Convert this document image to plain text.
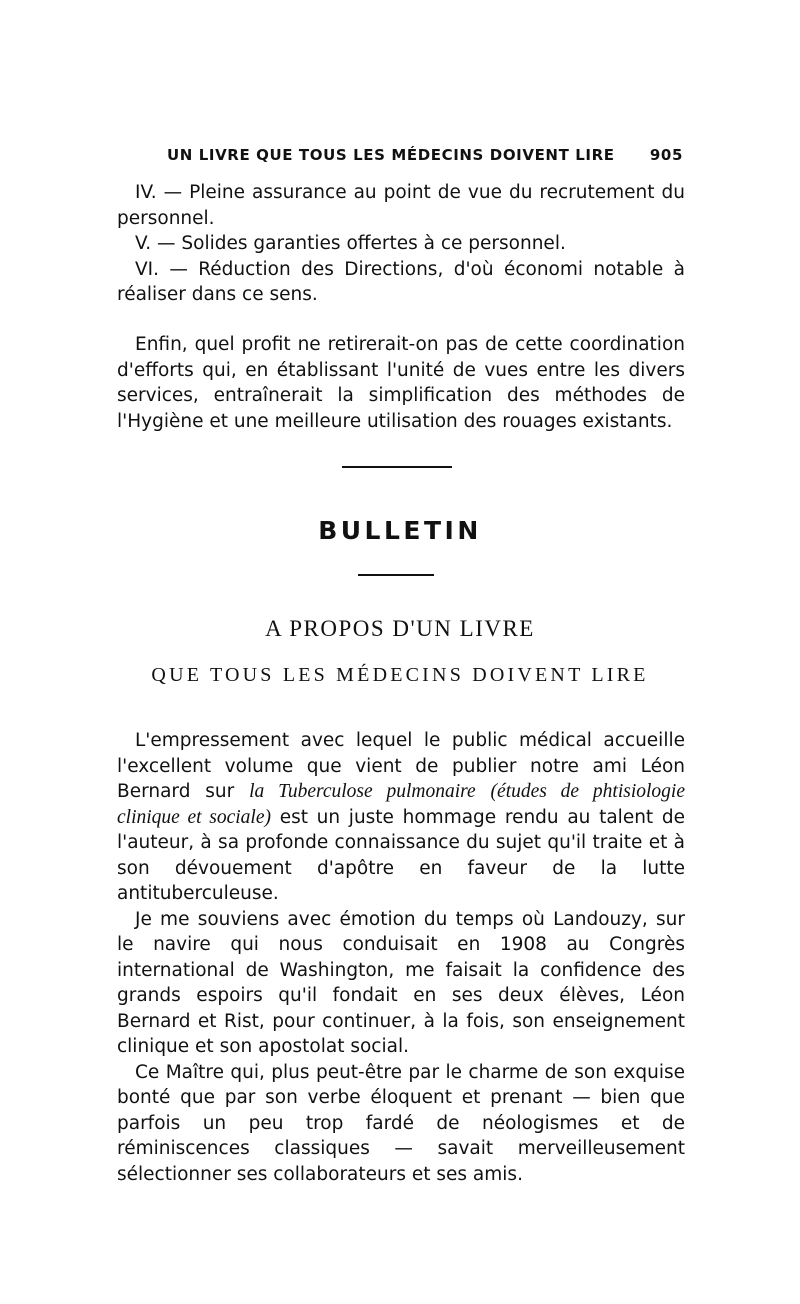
UN LIVRE QUE TOUS LES MÉDECINS DOIVENT LIRE 905

IV. — Pleine assurance au point de vue du recrutement du personnel.

V. — Solides garanties offertes à ce personnel.

VI. — Réduction des Directions, d'où économi notable à réaliser dans ce sens.

Enfin, quel profit ne retirerait-on pas de cette coordination d'efforts qui, en établissant l'unité de vues entre les divers services, entraînerait la simplification des méthodes de l'Hygiène et une meilleure utilisation des rouages existants.

BULLETIN
A PROPOS D'UN LIVRE
QUE TOUS LES MÉDECINS DOIVENT LIRE

L'empressement avec lequel le public médical accueille l'excellent volume que vient de publier notre ami Léon Bernard sur la Tuberculose pulmonaire (études de phtisiologie clinique et sociale) est un juste hommage rendu au talent de l'auteur, à sa profonde connaissance du sujet qu'il traite et à son dévouement d'apôtre en faveur de la lutte antituberculeuse.

Je me souviens avec émotion du temps où Landouzy, sur le navire qui nous conduisait en 1908 au Congrès international de Washington, me faisait la confidence des grands espoirs qu'il fondait en ses deux élèves, Léon Bernard et Rist, pour continuer, à la fois, son enseignement clinique et son apostolat social.

Ce Maître qui, plus peut-être par le charme de son exquise bonté que par son verbe éloquent et prenant — bien que parfois un peu trop fardé de néologismes et de réminiscences classiques — savait merveilleusement sélectionner ses collaborateurs et ses amis.
